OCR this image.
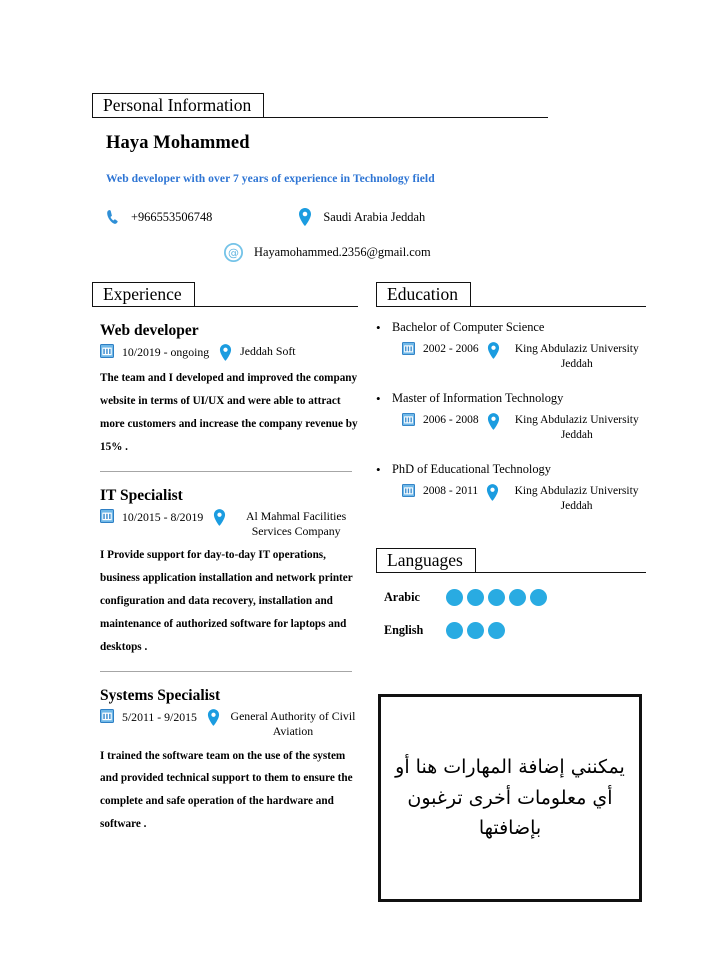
Personal Information
Haya Mohammed
Web developer with over 7 years of experience in Technology field
+966553506748	Saudi Arabia Jeddah
@ Hayamohammed.2356@gmail.com
Experience
Web developer
10/2019 - ongoing	Jeddah Soft
The team and I developed and improved the company website in terms of UI/UX and were able to attract more customers and increase the company revenue by 15% .
IT Specialist
10/2015 - 8/2019	Al Mahmal Facilities Services Company
I Provide support for day-to-day IT operations, business application installation and network printer configuration and data recovery, installation and maintenance of authorized software for laptops and desktops .
Systems Specialist
5/2011 - 9/2015	General Authority of Civil Aviation
I trained the software team on the use of the system and provided technical support to them to ensure the complete and safe operation of the hardware and software .
Education
• Bachelor of Computer Science
2002 - 2006	King Abdulaziz University Jeddah
• Master of Information Technology
2006 - 2008	King Abdulaziz University Jeddah
• PhD of Educational Technology
2008 - 2011	King Abdulaziz University Jeddah
Languages
Arabic
English
يمكنني إضافة المهارات هنا أو أي معلومات أخرى ترغبون بإضافتها
